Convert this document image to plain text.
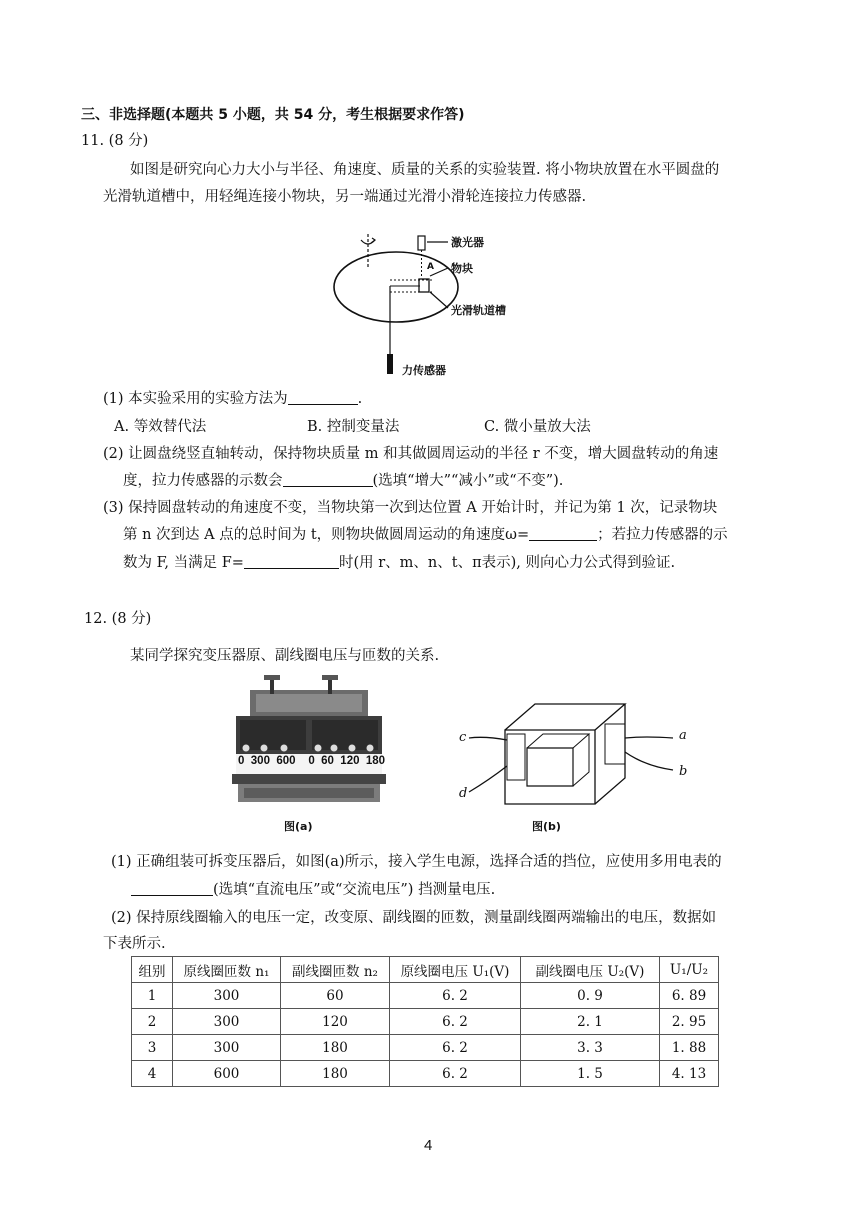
三、非选择题(本题共 5 小题，共 54 分，考生根据要求作答)
11. (8 分)
如图是研究向心力大小与半径、角速度、质量的关系的实验装置. 将小物块放置在水平圆盘的
光滑轨道槽中，用轻绳连接小物块，另一端通过光滑小滑轮连接拉力传感器.
激光器
A 物块
光滑轨道槽
力传感器
(1) 本实验采用的实验方法为	.
A. 等效替代法	B. 控制变量法	C. 微小量放大法
(2) 让圆盘绕竖直轴转动，保持物块质量 m 和其做圆周运动的半径 r 不变，增大圆盘转动的角速
度，拉力传感器的示数会	(选填“增大”“减小”或“不变”).
(3) 保持圆盘转动的角速度不变，当物块第一次到达位置 A 开始计时，并记为第 1 次，记录物块
第 n 次到达 A 点的总时间为 t，则物块做圆周运动的角速度ω=	；若拉力传感器的示
数为 F, 当满足 F=	时(用 r、m、n、t、π表示), 则向心力公式得到验证.
12. (8 分)
某同学探究变压器原、副线圈电压与匝数的关系.
0  300  600    0  60  120  180
图(a)
c
d
a
b
图(b)
(1) 正确组装可拆变压器后，如图(a)所示，接入学生电源，选择合适的挡位，应使用多用电表的
(选填“直流电压”或“交流电压”) 挡测量电压.
(2) 保持原线圈输入的电压一定，改变原、副线圈的匝数，测量副线圈两端输出的电压，数据如
下表所示.
组别	原线圈匝数 n₁	副线圈匝数 n₂	原线圈电压 U₁(V)	副线圈电压 U₂(V)	U₁/U₂
1	300	60	6. 2	0. 9	6. 89
2	300	120	6. 2	2. 1	2. 95
3	300	180	6. 2	3. 3	1. 88
4	600	180	6. 2	1. 5	4. 13
4
